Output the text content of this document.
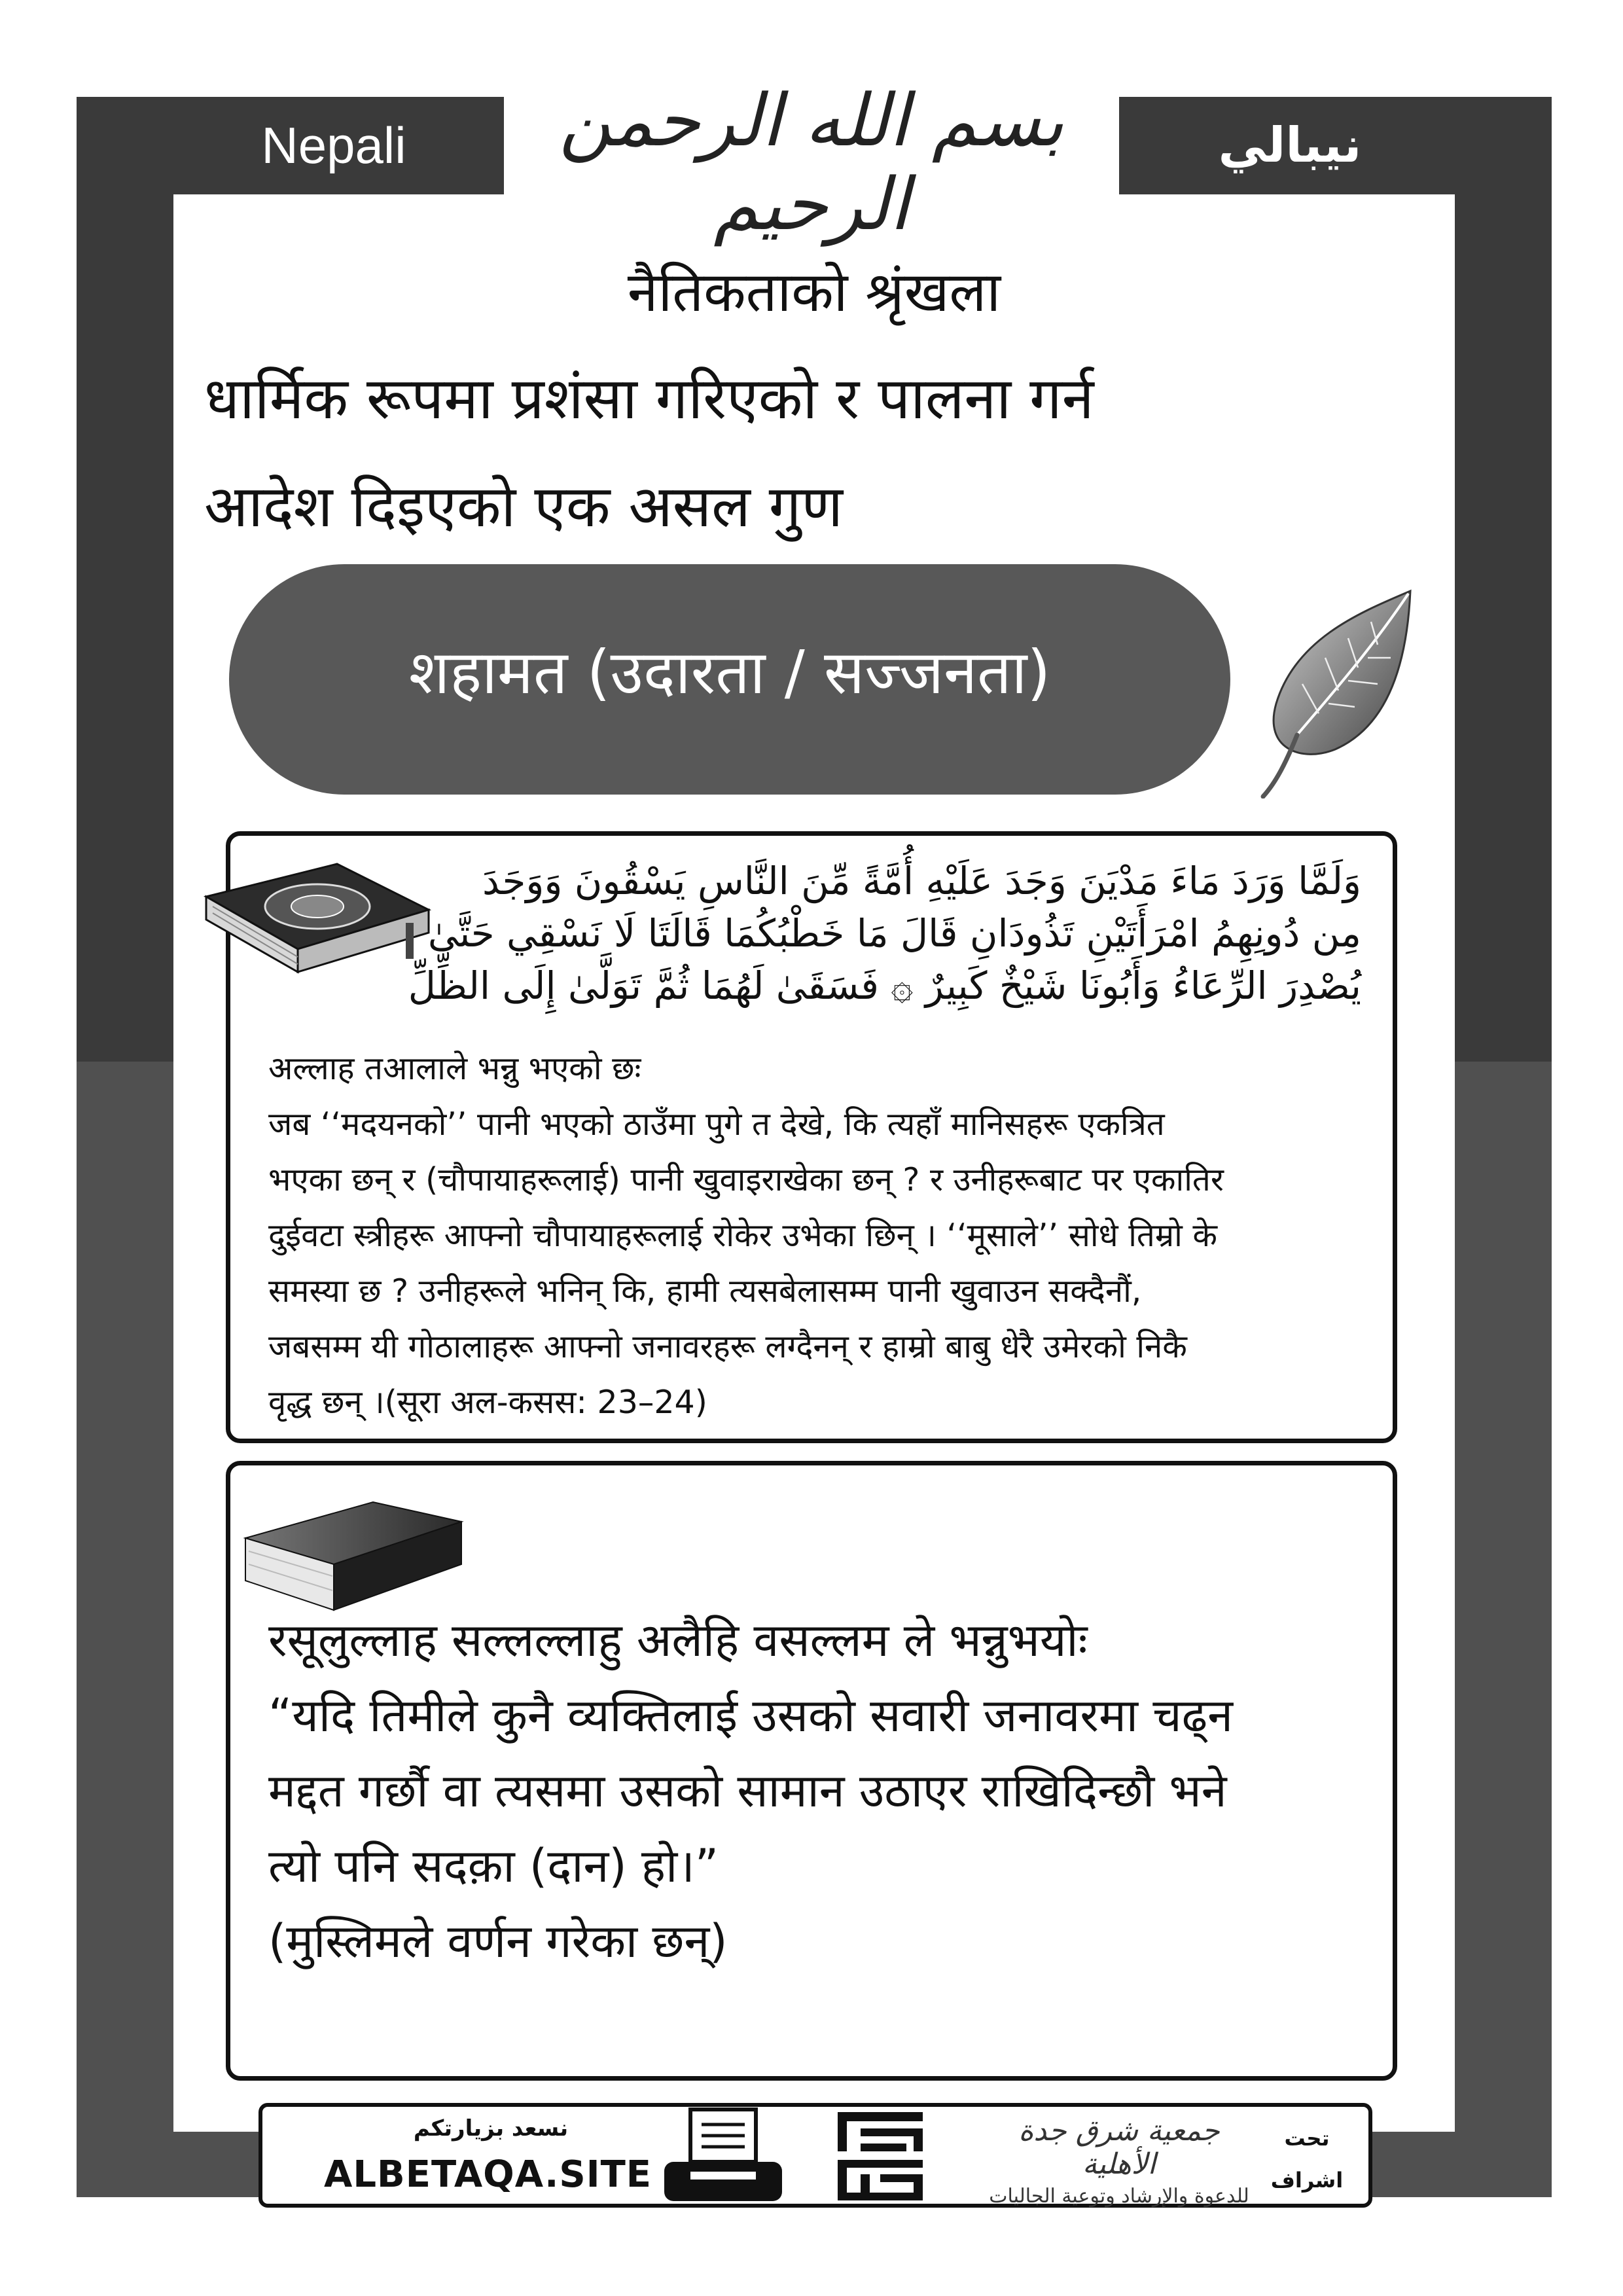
Nepali	نيبالي
بسم الله الرحمن الرحيم
नैतिकताको श्रृंखला
धार्मिक रूपमा प्रशंसा गरिएको र पालना गर्न
आदेश दिइएको एक असल गुण
शहामत (उदारता / सज्जनता)
وَلَمَّا وَرَدَ مَاءَ مَدْيَنَ وَجَدَ عَلَيْهِ أُمَّةً مِّنَ النَّاسِ يَسْقُونَ وَوَجَدَ
مِن دُونِهِمُ امْرَأَتَيْنِ تَذُودَانِ قَالَ مَا خَطْبُكُمَا قَالَتَا لَا نَسْقِي حَتَّىٰ
يُصْدِرَ الرِّعَاءُ وَأَبُونَا شَيْخٌ كَبِيرٌ ۞ فَسَقَىٰ لَهُمَا ثُمَّ تَوَلَّىٰ إِلَى الظِّلِّ
अल्लाह तआलाले भन्नु भएको छः
जब ‘‘मदयनको’’ पानी भएको ठाउँमा पुगे त देखे, कि त्यहाँ मानिसहरू एकत्रित
भएका छन् र (चौपायाहरूलाई) पानी खुवाइराखेका छन् ? र उनीहरूबाट पर एकातिर
दुईवटा स्त्रीहरू आफ्नो चौपायाहरूलाई रोकेर उभेका छिन् । ‘‘मूसाले’’ सोधे तिम्रो के
समस्या छ ? उनीहरूले भनिन् कि, हामी त्यसबेलासम्म पानी खुवाउन सक्दैनौं,
जबसम्म यी गोठालाहरू आफ्नो जनावरहरू लग्दैनन् र हाम्रो बाबु धेरै उमेरको निकै
वृद्ध छन् ।(सूरा अल-कसस: 23–24)
रसूलुल्लाह सल्लल्लाहु अलैहि वसल्लम ले भन्नुभयोः
“यदि तिमीले कुनै व्यक्तिलाई उसको सवारी जनावरमा चढ्न
मद्दत गर्छौ वा त्यसमा उसको सामान उठाएर राखिदिन्छौ भने
त्यो पनि सदक़ा (दान) हो।”
(मुस्लिमले वर्णन गरेका छन्)
نسعد بزيارتكم
ALBETAQA.SITE
جمعية شرق جدة الأهلية
للدعوة والإرشاد وتوعية الجاليات
تحت
اشراف
